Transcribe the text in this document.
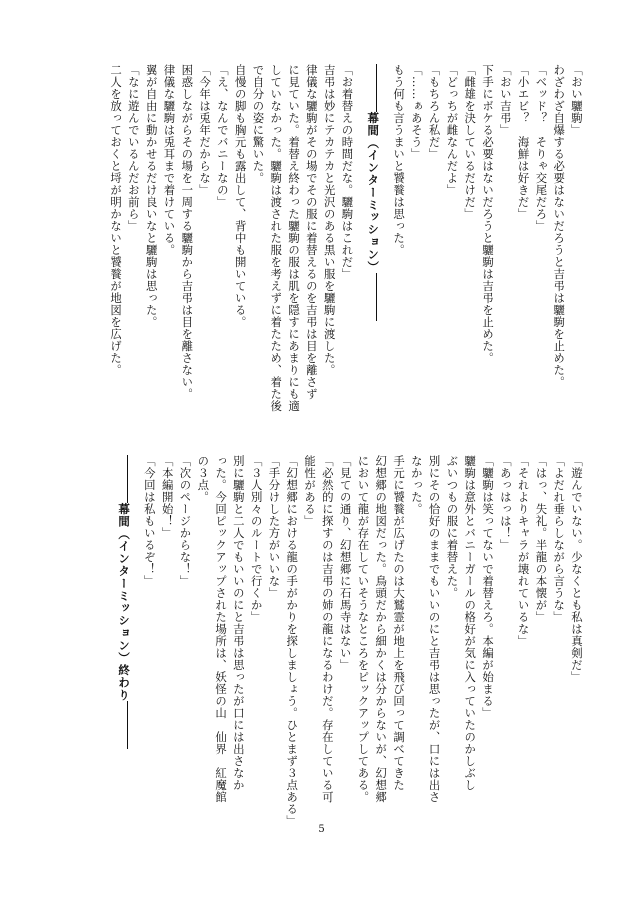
「おい驪駒」
わざわざ自爆する必要はないだろうと吉弔は驪駒を止めた。
「ベッド？　そりゃ交尾だろ」
「小エビ？　海鮮は好きだ」
「おい吉弔」
下手にボケる必要はないだろうと驪駒は吉弔を止めた。
「雌雄を決しているだけだ」
「どっちが雌なんだよ」
「もちろん私だ」
「……ぁあそう」
もう何も言うまいと饕餮は思った。
幕間（インターミッション）
「お着替えの時間だな。驪駒はこれだ」
吉弔は妙にテカテカと光沢のある黒い服を驪駒に渡した。
律儀な驪駒がその場でその服に着替えるのを吉弔は目を離さず
に見ていた。着替え終わった驪駒の服は肌を隠すにあまりにも適
していなかった。驪駒は渡された服を考えずに着たため、着た後
で自分の姿に驚いた。
自慢の脚も胸元も露出して、背中も開いている。
「え、なんでバニーなの」
「今年は兎年だからな」
困惑しながらその場を一周する驪駒から吉弔は目を離さない。
律儀な驪駒は兎耳まで着けている。
翼が自由に動かせるだけ良いなと驪駒は思った。
「なに遊んでいるんだお前ら」
二人を放っておくと埒が明かないと饕餮が地図を広げた。
「遊んでいない。少なくとも私は真剣だ」
「よだれ垂らしながら言うな」
「はっ、失礼。半龍の本懐が」
「それよりキャラが壊れているな」
「あっはっは！」
「驪駒は笑ってないで着替えろ。本編が始まる」
驪駒は意外とバニーガールの格好が気に入っていたのかしぶし
ぶいつもの服に着替えた。
別にその恰好のままでもいいのにと吉弔は思ったが、口には出さ
なかった。
手元に饕餮が広げたのは大鷲霊が地上を飛び回って調べてきた
幻想郷の地図だった。鳥頭だから細かくは分からないが、幻想郷
において龍が存在していそうなところをピックアップしてある。
「見ての通り、幻想郷に石馬寺はない」
「必然的に探すのは吉弔の姉の龍になるわけだ。存在している可
能性がある」
「幻想郷における龍の手がかりを探しましょう。ひとまず３点ある」
「手分けした方がいいな」
「３人別々のルートで行くか」
別に驪駒と二人でもいいのにと吉弔は思ったが口には出さなか
った。今回ピックアップされた場所は、妖怪の山　仙界　紅魔館
の３点。
「次のページからな！」
「本編開始！」
「今回は私もいるぞ！」
幕間（インターミッション）終わり
5
